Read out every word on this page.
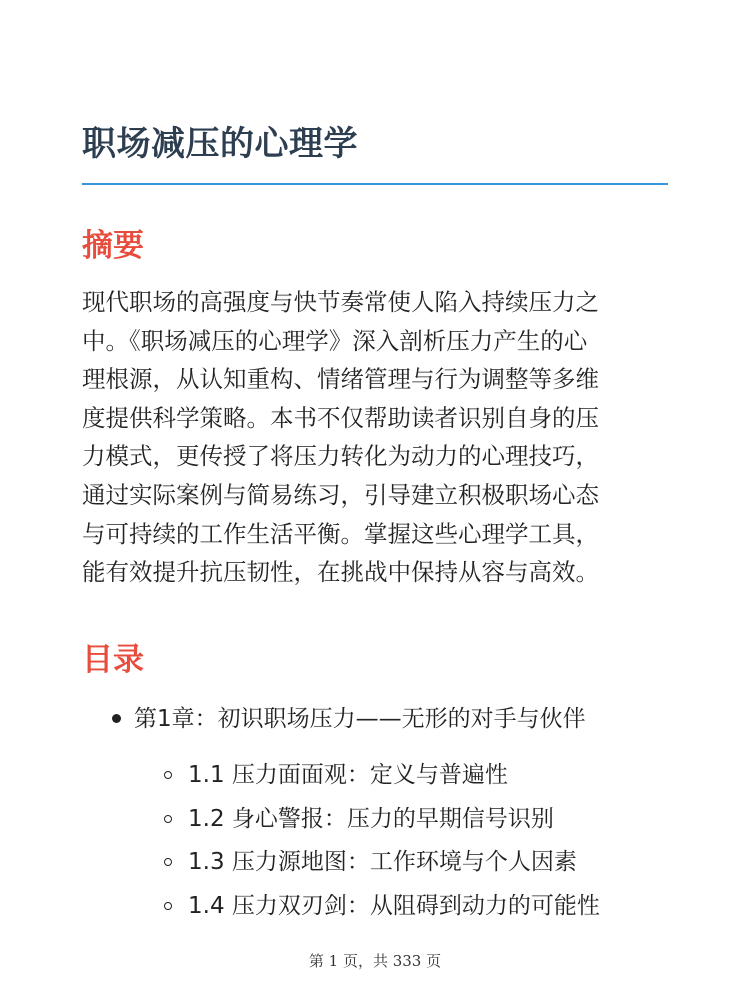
职场减压的心理学
摘要

现代职场的高强度与快节奏常使人陷入持续压力之
中。《职场减压的心理学》深入剖析压力产生的心
理根源，从认知重构、情绪管理与行为调整等多维
度提供科学策略。本书不仅帮助读者识别自身的压
力模式，更传授了将压力转化为动力的心理技巧，
通过实际案例与简易练习，引导建立积极职场心态
与可持续的工作生活平衡。掌握这些心理学工具，
能有效提升抗压韧性，在挑战中保持从容与高效。

目录
第1章：初识职场压力——无形的对手与伙伴
1.1 压力面面观：定义与普遍性
1.2 身心警报：压力的早期信号识别
1.3 压力源地图：工作环境与个人因素
1.4 压力双刃剑：从阻碍到动力的可能性
第 1 页，共 333 页
